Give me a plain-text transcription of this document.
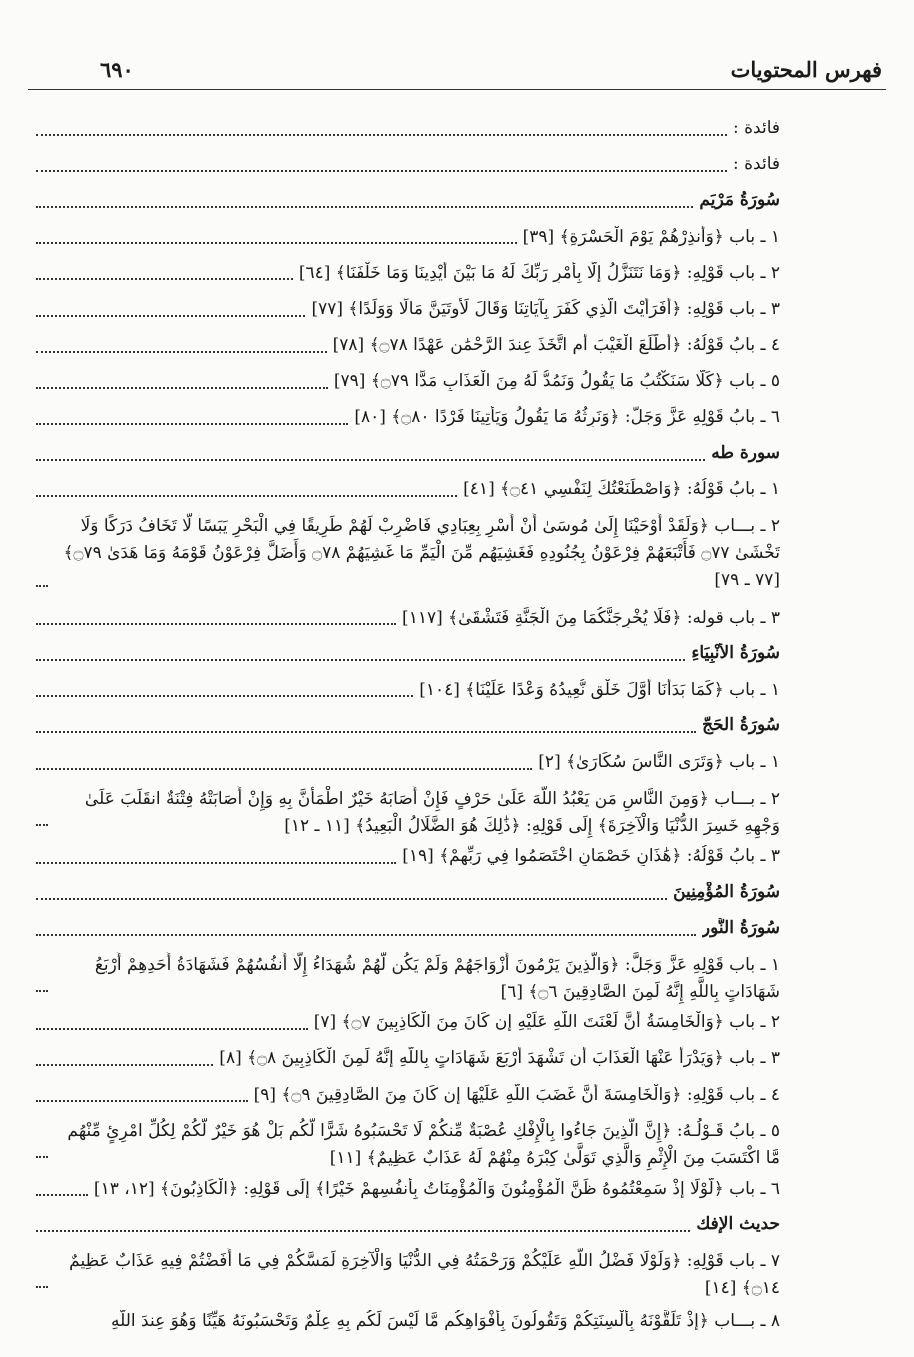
فهرس المحتويات
٦٩٠
فائدة :
فائدة :
سُورَةُ مَرْيَم
١ ـ باب ﴿وَأَنذِرْهُمْ يَوْمَ الْحَسْرَةِ﴾ [٣٩]
٢ ـ باب قَوْلِهِ: ﴿وَمَا نَتَنَزَّلُ إِلَّا بِأَمْرِ رَبِّكَ لَهُ مَا بَيْنَ أَيْدِينَا وَمَا خَلْفَنَا﴾ [٦٤]
٣ ـ باب قَوْلِهِ: ﴿أَفَرَأَيْتَ الَّذِي كَفَرَ بِآيَاتِنَا وَقَالَ لَأُوتَيَنَّ مَالًا وَوَلَدًا﴾ [٧٧]
٤ ـ بابُ قَوْلُهُ: ﴿أَطَّلَعَ الْغَيْبَ أَمِ اتَّخَذَ عِندَ الرَّحْمَٰنِ عَهْدًا ۝٧٨﴾ [٧٨]
٥ ـ باب ﴿كَلَّا سَنَكْتُبُ مَا يَقُولُ وَنَمُدُّ لَهُ مِنَ الْعَذَابِ مَدًّا ۝٧٩﴾ [٧٩]
٦ ـ بابُ قَوْلِهِ عَزَّ وَجَلَّ: ﴿وَنَرِثُهُ مَا يَقُولُ وَيَأْتِينَا فَرْدًا ۝٨٠﴾ [٨٠]
سورة طه
١ ـ بابُ قَوْلُهُ: ﴿وَاصْطَنَعْتُكَ لِنَفْسِي ۝٤١﴾ [٤١]
٢ ـ بـــاب ﴿وَلَقَدْ أَوْحَيْنَا إِلَىٰ مُوسَىٰ أَنْ أَسْرِ بِعِبَادِي فَاضْرِبْ لَهُمْ طَرِيقًا فِي الْبَحْرِ يَبَسًا لَّا تَخَافُ دَرَكًا وَلَا تَخْشَىٰ ۝٧٧ فَأَتْبَعَهُمْ فِرْعَوْنُ بِجُنُودِهِ فَغَشِيَهُم مِّنَ الْيَمِّ مَا غَشِيَهُمْ ۝٧٨ وَأَضَلَّ فِرْعَوْنُ قَوْمَهُ وَمَا هَدَىٰ ۝٧٩﴾ [٧٧ ـ ٧٩]
٣ ـ باب قوله: ﴿فَلَا يُخْرِجَنَّكُمَا مِنَ الْجَنَّةِ فَتَشْقَىٰ﴾ [١١٧]
سُورَةُ الأَنْبِيَاءِ
١ ـ باب ﴿كَمَا بَدَأْنَا أَوَّلَ خَلْقٍ نُّعِيدُهُ وَعْدًا عَلَيْنَا﴾ [١٠٤]
سُورَةُ الحَجّ
١ ـ باب ﴿وَتَرَى النَّاسَ سُكَارَىٰ﴾ [٢]
٢ ـ بـــاب ﴿وَمِنَ النَّاسِ مَن يَعْبُدُ اللَّهَ عَلَىٰ حَرْفٍ فَإِنْ أَصَابَهُ خَيْرٌ اطْمَأَنَّ بِهِ وَإِنْ أَصَابَتْهُ فِتْنَةٌ انقَلَبَ عَلَىٰ وَجْهِهِ خَسِرَ الدُّنْيَا وَالْآخِرَةَ﴾ إِلَى قَوْلِهِ: ﴿ذَٰلِكَ هُوَ الضَّلَالُ الْبَعِيدُ﴾ [١١ ـ ١٢]
٣ ـ بابُ قَوْلُهُ: ﴿هَٰذَانِ خَصْمَانِ اخْتَصَمُوا فِي رَبِّهِمْ﴾ [١٩]
سُورَةُ المُؤْمِنِينَ
سُورَةُ النُّور
١ ـ باب قَوْلِهِ عَزَّ وَجَلَّ: ﴿وَالَّذِينَ يَرْمُونَ أَزْوَاجَهُمْ وَلَمْ يَكُن لَّهُمْ شُهَدَاءُ إِلَّا أَنفُسُهُمْ فَشَهَادَةُ أَحَدِهِمْ أَرْبَعُ شَهَادَاتٍ بِاللَّهِ إِنَّهُ لَمِنَ الصَّادِقِينَ ۝٦﴾ [٦]
٢ ـ باب ﴿وَالْخَامِسَةُ أَنَّ لَعْنَتَ اللَّهِ عَلَيْهِ إِن كَانَ مِنَ الْكَاذِبِينَ ۝٧﴾ [٧]
٣ ـ باب ﴿وَيَدْرَأُ عَنْهَا الْعَذَابَ أَن تَشْهَدَ أَرْبَعَ شَهَادَاتٍ بِاللَّهِ إِنَّهُ لَمِنَ الْكَاذِبِينَ ۝٨﴾ [٨]
٤ ـ باب قَوْلِهِ: ﴿وَالْخَامِسَةَ أَنَّ غَضَبَ اللَّهِ عَلَيْهَا إِن كَانَ مِنَ الصَّادِقِينَ ۝٩﴾ [٩]
٥ ـ بابُ قَـوْلُـهُ: ﴿إِنَّ الَّذِينَ جَاءُوا بِالْإِفْكِ عُصْبَةٌ مِّنكُمْ لَا تَحْسَبُوهُ شَرًّا لَّكُم بَلْ هُوَ خَيْرٌ لَّكُمْ لِكُلِّ امْرِئٍ مِّنْهُم مَّا اكْتَسَبَ مِنَ الْإِثْمِ وَالَّذِي تَوَلَّىٰ كِبْرَهُ مِنْهُمْ لَهُ عَذَابٌ عَظِيمٌ﴾ [١١]
٦ ـ باب ﴿لَّوْلَا إِذْ سَمِعْتُمُوهُ ظَنَّ الْمُؤْمِنُونَ وَالْمُؤْمِنَاتُ بِأَنفُسِهِمْ خَيْرًا﴾ إِلَى قَوْلِهِ: ﴿الْكَاذِبُونَ﴾ [١٢، ١٣]
حديث الإفك
٧ ـ باب قَوْلِهِ: ﴿وَلَوْلَا فَضْلُ اللَّهِ عَلَيْكُمْ وَرَحْمَتُهُ فِي الدُّنْيَا وَالْآخِرَةِ لَمَسَّكُمْ فِي مَا أَفَضْتُمْ فِيهِ عَذَابٌ عَظِيمٌ ۝١٤﴾ [١٤]
٨ ـ بـــاب ﴿إِذْ تَلَقَّوْنَهُ بِأَلْسِنَتِكُمْ وَتَقُولُونَ بِأَفْوَاهِكُم مَّا لَيْسَ لَكُم بِهِ عِلْمٌ وَتَحْسَبُونَهُ هَيِّنًا وَهُوَ عِندَ اللَّهِ
